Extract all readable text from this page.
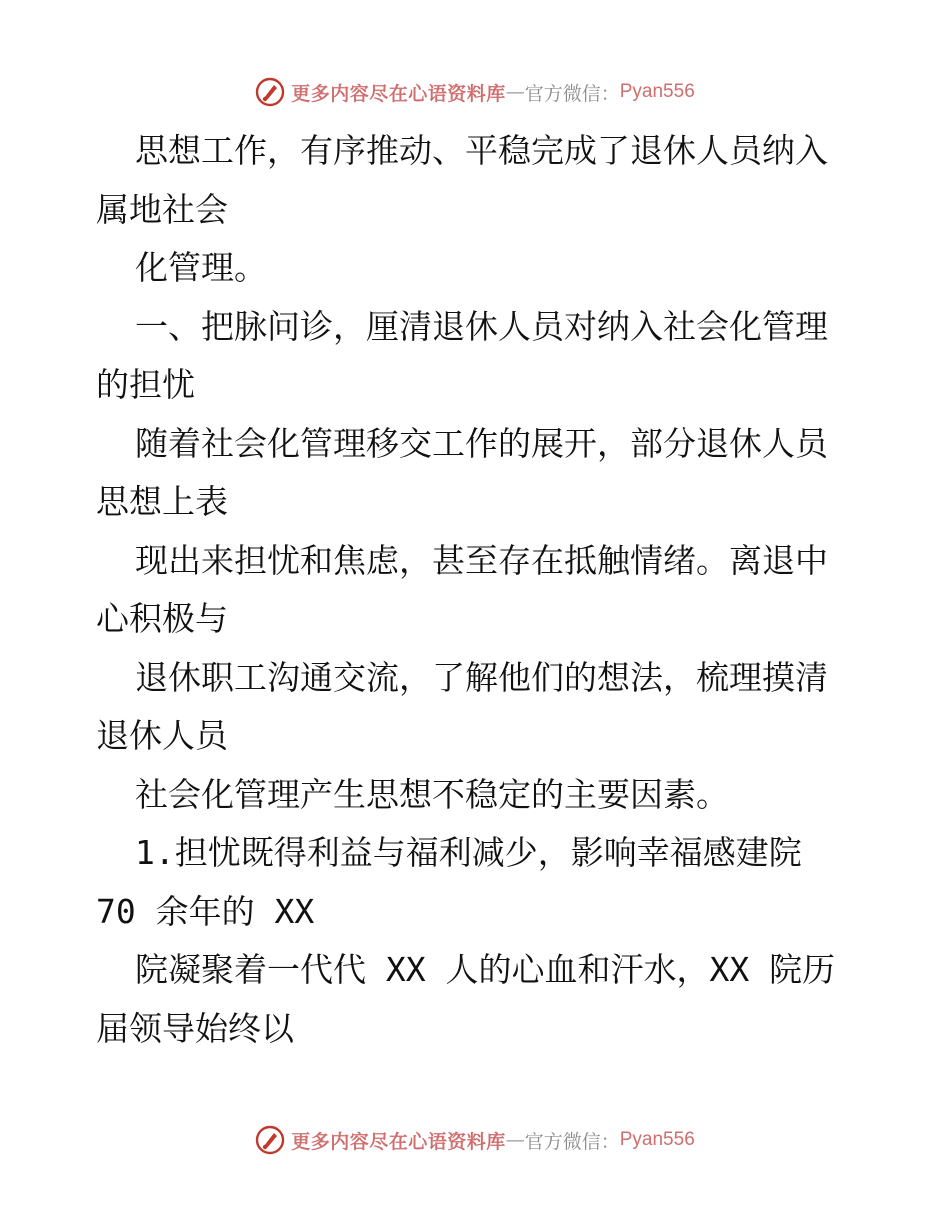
更多内容尽在心语资料库 — 官方微信： Pyan556
思想工作，有序推动、平稳完成了退休人员纳入
属地社会
化管理。
一、把脉问诊，厘清退休人员对纳入社会化管理
的担忧
随着社会化管理移交工作的展开，部分退休人员
思想上表
现出来担忧和焦虑，甚至存在抵触情绪。离退中
心积极与
退休职工沟通交流，了解他们的想法，梳理摸清
退休人员
社会化管理产生思想不稳定的主要因素。
1.担忧既得利益与福利减少，影响幸福感建院
70 余年的 XX
院凝聚着一代代 XX 人的心血和汗水，XX 院历
届领导始终以
更多内容尽在心语资料库 — 官方微信： Pyan556
